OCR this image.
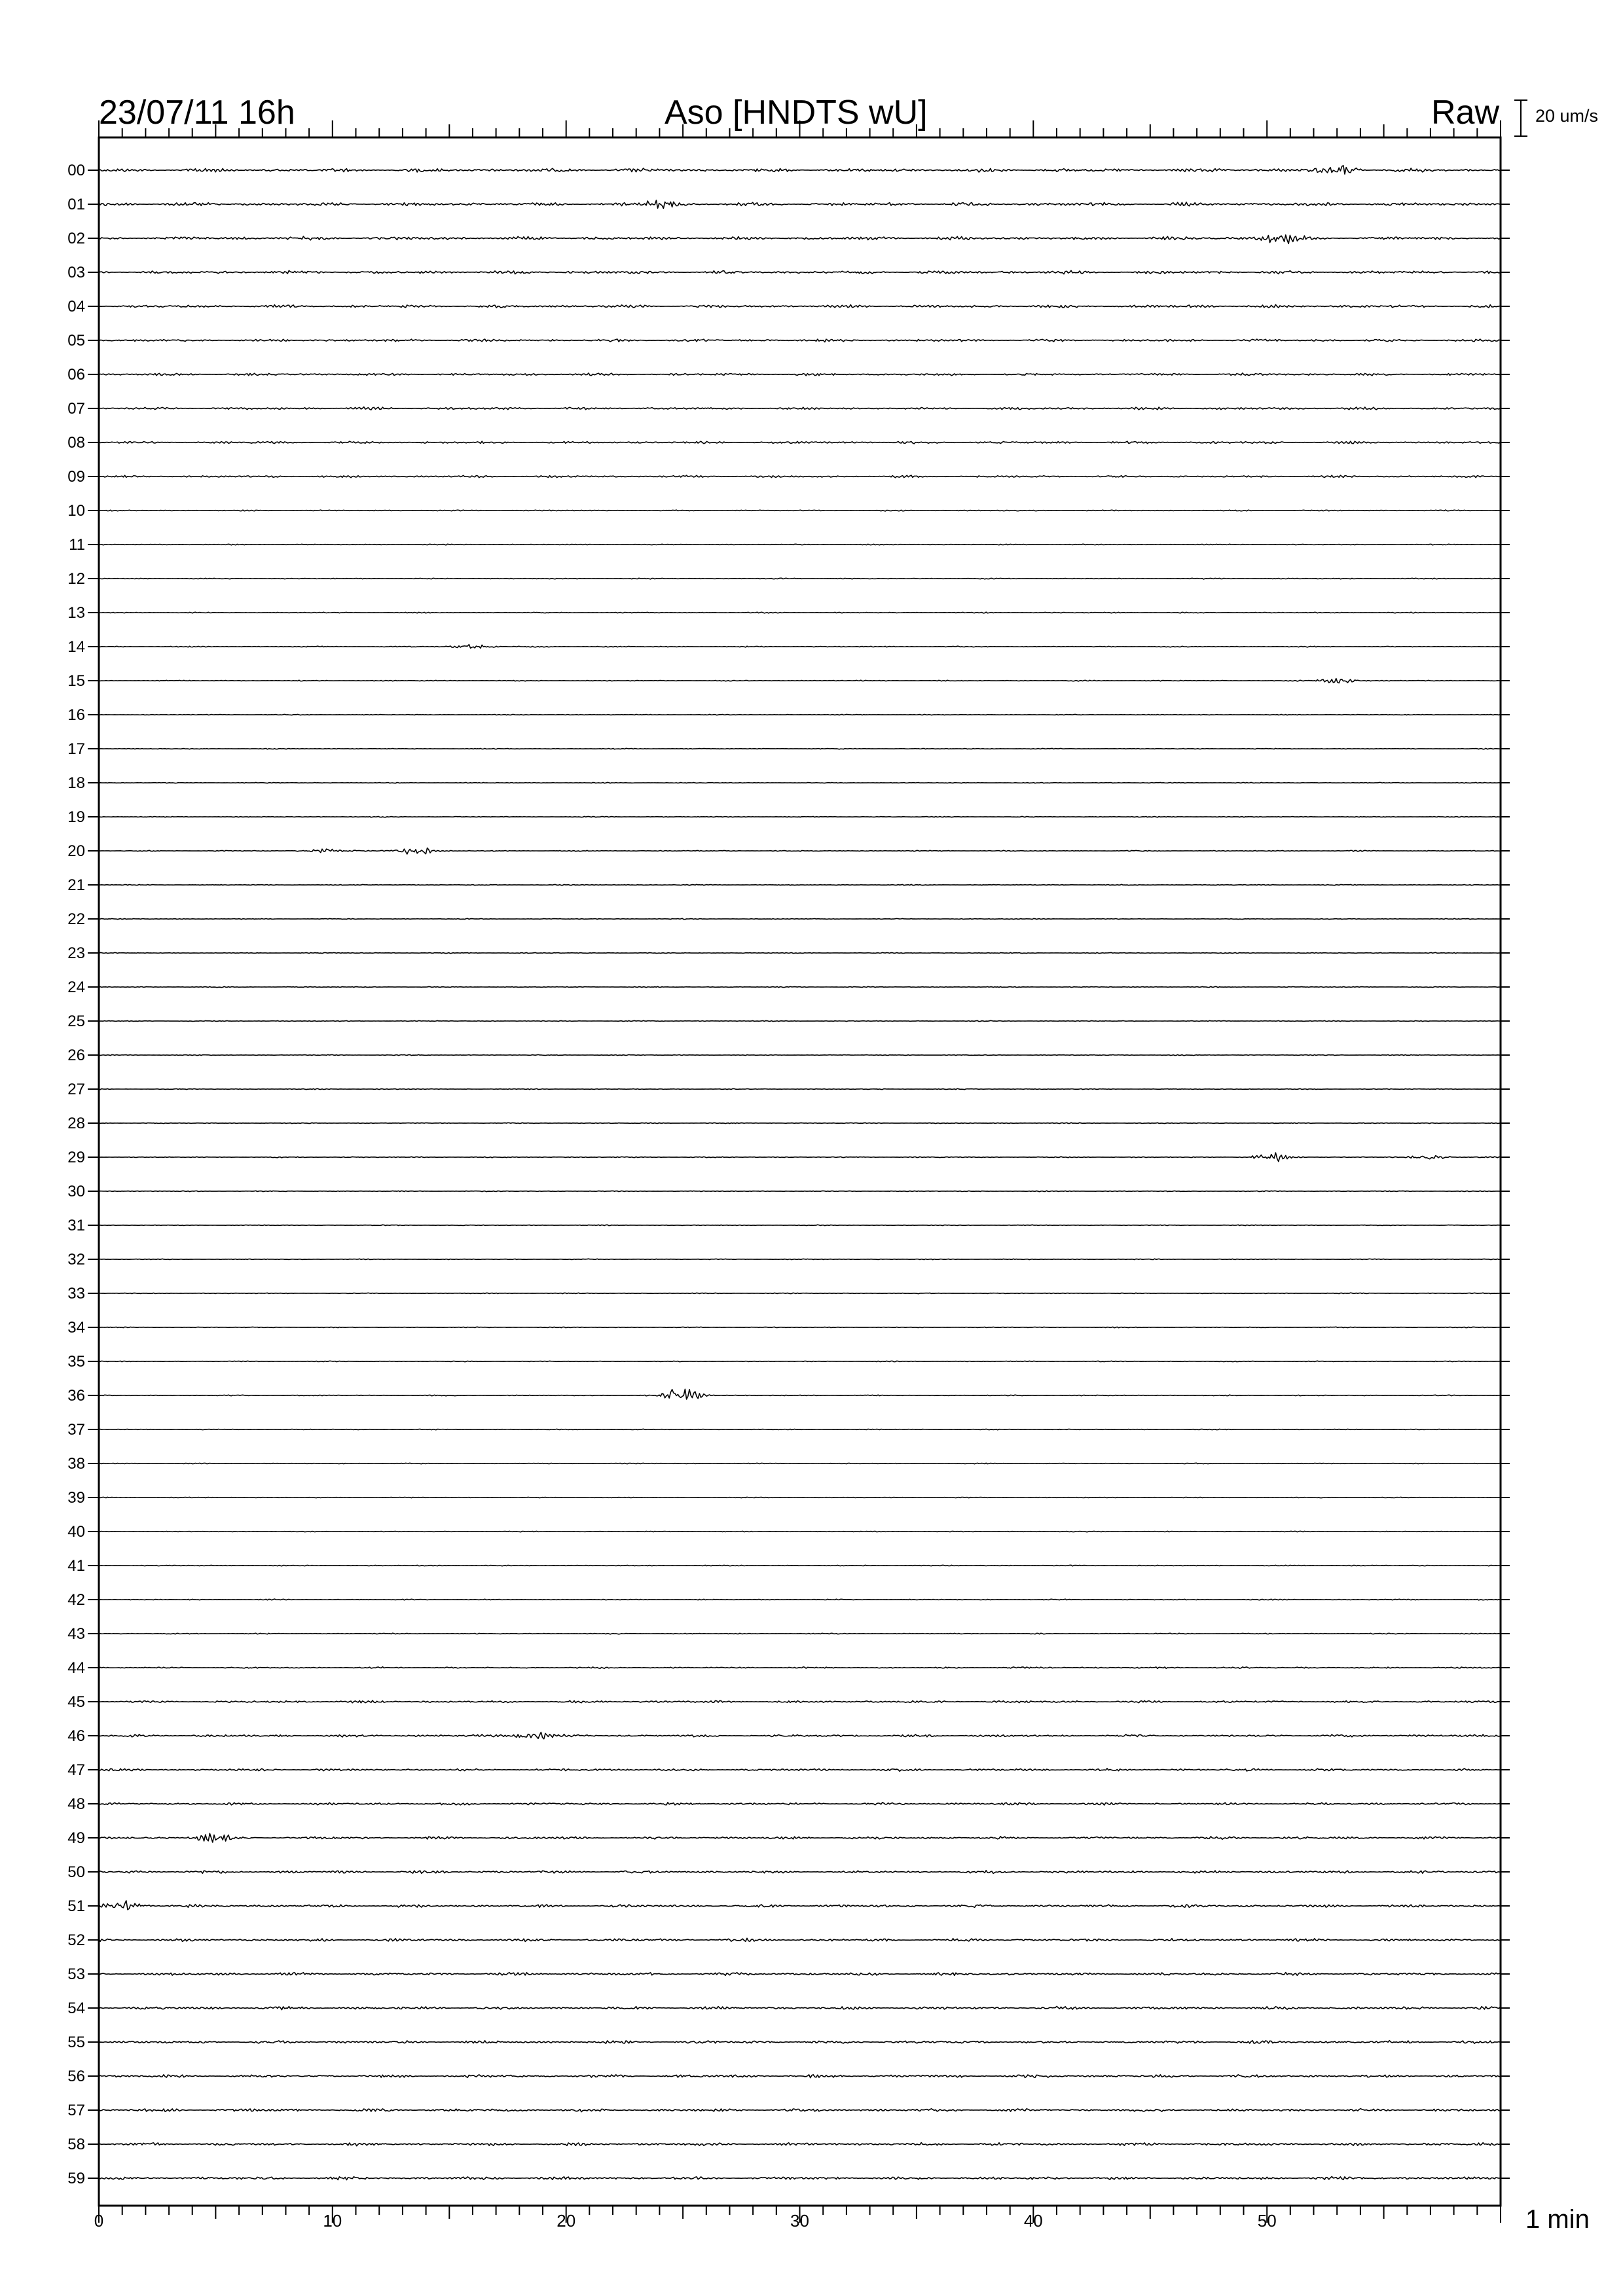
23/07/11 16h	Aso [HNDTS wU]	Raw 20 um/s
1 min
0	10	20	30	40	50
00
01
02
03
04
05
06
07
08
09
10
11
12
13
14
15
16
17
18
19
20
21
22
23
24
25
26
27
28
29
30
31
32
33
34
35
36
37
38
39
40
41
42
43
44
45
46
47
48
49
50
51
52
53
54
55
56
57
58
59
